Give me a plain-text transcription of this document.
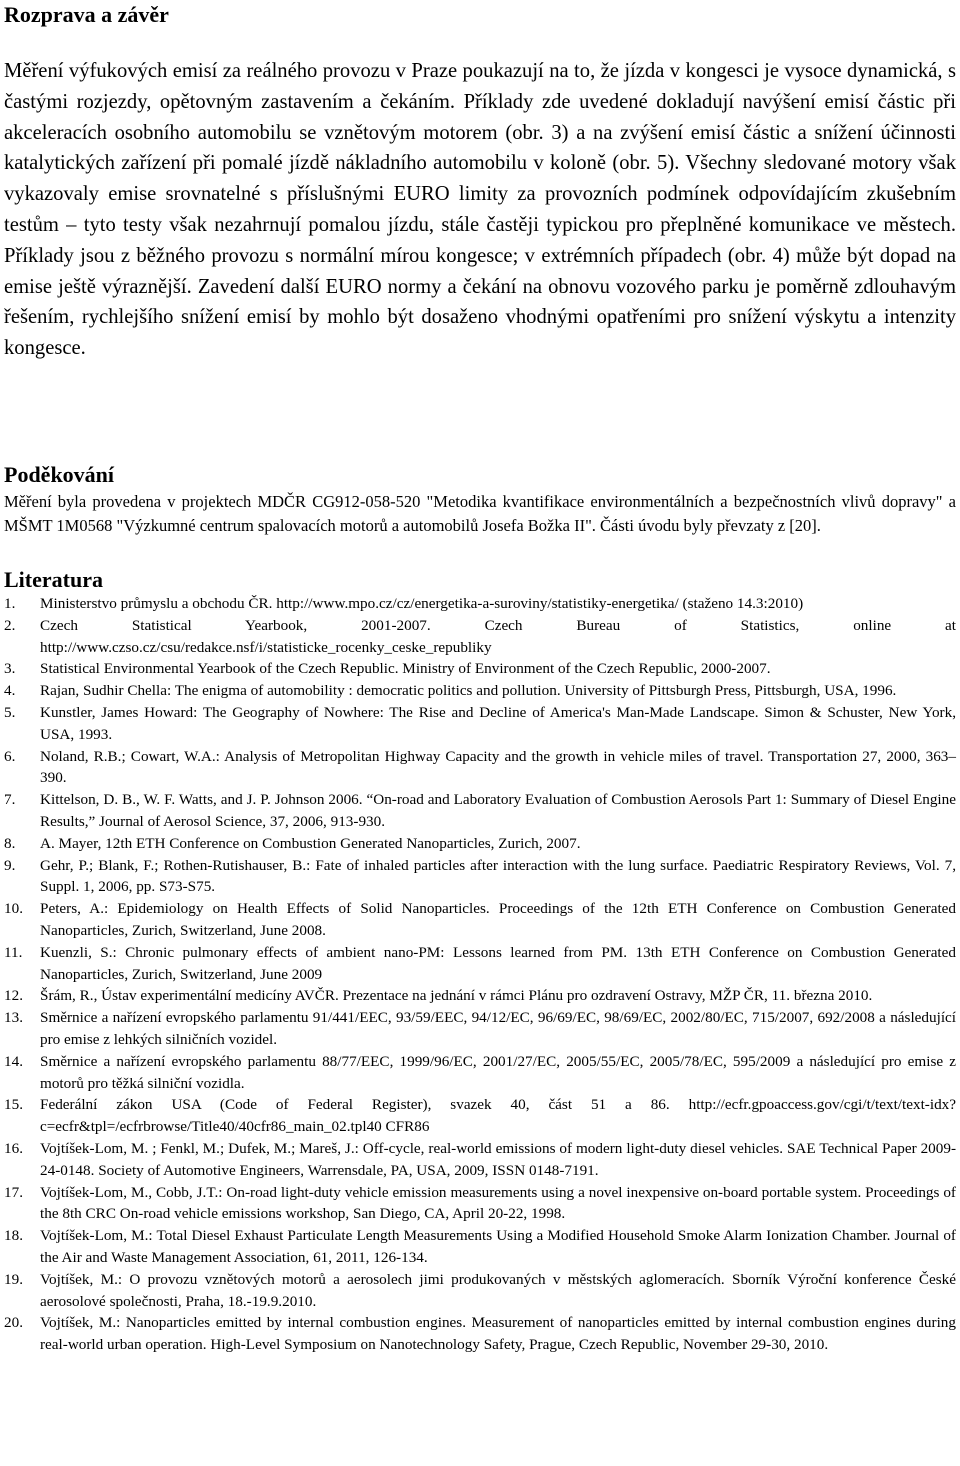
Rozprava a závěr

Měření výfukových emisí za reálného provozu v Praze poukazují na to, že jízda v kongesci je vysoce dynamická, s častými rozjezdy, opětovným zastavením a čekáním. Příklady zde uvedené dokladují navýšení emisí částic při akceleracích osobního automobilu se vznětovým motorem (obr. 3) a na zvýšení emisí částic a snížení účinnosti katalytických zařízení při pomalé jízdě nákladního automobilu v koloně (obr. 5). Všechny sledované motory však vykazovaly emise srovnatelné s příslušnými EURO limity za provozních podmínek odpovídajícím zkušebním testům – tyto testy však nezahrnují pomalou jízdu, stále častěji typickou pro přeplněné komunikace ve městech. Příklady jsou z běžného provozu s normální mírou kongesce; v extrémních případech (obr. 4) může být dopad na emise ještě výraznější. Zavedení další EURO normy a čekání na obnovu vozového parku je poměrně zdlouhavým řešením, rychlejšího snížení emisí by mohlo být dosaženo vhodnými opatřeními pro snížení výskytu a intenzity kongesce.

Poděkování

Měření byla provedena v projektech MDČR CG912-058-520 "Metodika kvantifikace environmentálních a bezpečnostních vlivů dopravy" a MŠMT 1M0568 "Výzkumné centrum spalovacích motorů a automobilů Josefa Božka II". Části úvodu byly převzaty z [20].

Literatura
1. Ministerstvo průmyslu a obchodu ČR. http://www.mpo.cz/cz/energetika-a-suroviny/statistiky-energetika/ (staženo 14.3:2010)
2. Czech Statistical Yearbook, 2001-2007. Czech Bureau of Statistics, online at http://www.czso.cz/csu/redakce.nsf/i/statisticke_rocenky_ceske_republiky
3. Statistical Environmental Yearbook of the Czech Republic. Ministry of Environment of the Czech Republic, 2000-2007.
4. Rajan, Sudhir Chella: The enigma of automobility : democratic politics and pollution. University of Pittsburgh Press, Pittsburgh, USA, 1996.
5. Kunstler, James Howard: The Geography of Nowhere: The Rise and Decline of America's Man-Made Landscape. Simon & Schuster, New York, USA, 1993.
6. Noland, R.B.; Cowart, W.A.: Analysis of Metropolitan Highway Capacity and the growth in vehicle miles of travel. Transportation 27, 2000, 363–390.
7. Kittelson, D. B., W. F. Watts, and J. P. Johnson 2006. “On-road and Laboratory Evaluation of Combustion Aerosols Part 1: Summary of Diesel Engine Results,” Journal of Aerosol Science, 37, 2006, 913-930.
8. A. Mayer, 12th ETH Conference on Combustion Generated Nanoparticles, Zurich, 2007.
9. Gehr, P.; Blank, F.; Rothen-Rutishauser, B.: Fate of inhaled particles after interaction with the lung surface. Paediatric Respiratory Reviews, Vol. 7, Suppl. 1, 2006, pp. S73-S75.
10. Peters, A.: Epidemiology on Health Effects of Solid Nanoparticles. Proceedings of the 12th ETH Conference on Combustion Generated Nanoparticles, Zurich, Switzerland, June 2008.
11. Kuenzli, S.: Chronic pulmonary effects of ambient nano-PM: Lessons learned from PM. 13th ETH Conference on Combustion Generated Nanoparticles, Zurich, Switzerland, June 2009
12. Šrám, R., Ústav experimentální medicíny AVČR. Prezentace na jednání v rámci Plánu pro ozdravení Ostravy, MŽP ČR, 11. března 2010.
13. Směrnice a nařízení evropského parlamentu 91/441/EEC, 93/59/EEC, 94/12/EC, 96/69/EC, 98/69/EC, 2002/80/EC, 715/2007, 692/2008 a následující pro emise z lehkých silničních vozidel.
14. Směrnice a nařízení evropského parlamentu 88/77/EEC, 1999/96/EC, 2001/27/EC, 2005/55/EC, 2005/78/EC, 595/2009 a následující pro emise z motorů pro těžká silniční vozidla.
15. Federální zákon USA (Code of Federal Register), svazek 40, část 51 a 86. http://ecfr.gpoaccess.gov/cgi/t/text/text-idx?c=ecfr&tpl=/ecfrbrowse/Title40/40cfr86_main_02.tpl40 CFR86
16. Vojtíšek-Lom, M. ; Fenkl, M.; Dufek, M.; Mareš, J.: Off-cycle, real-world emissions of modern light-duty diesel vehicles. SAE Technical Paper 2009-24-0148. Society of Automotive Engineers, Warrensdale, PA, USA, 2009, ISSN 0148-7191.
17. Vojtíšek-Lom, M., Cobb, J.T.: On-road light-duty vehicle emission measurements using a novel inexpensive on-board portable system. Proceedings of the 8th CRC On-road vehicle emissions workshop, San Diego, CA, April 20-22, 1998.
18. Vojtíšek-Lom, M.: Total Diesel Exhaust Particulate Length Measurements Using a Modified Household Smoke Alarm Ionization Chamber. Journal of the Air and Waste Management Association, 61, 2011, 126-134.
19. Vojtíšek, M.: O provozu vznětových motorů a aerosolech jimi produkovaných v městských aglomeracích. Sborník Výroční konference České aerosolové společnosti, Praha, 18.-19.9.2010.
20. Vojtíšek, M.: Nanoparticles emitted by internal combustion engines. Measurement of nanoparticles emitted by internal combustion engines during real-world urban operation. High-Level Symposium on Nanotechnology Safety, Prague, Czech Republic, November 29-30, 2010.
